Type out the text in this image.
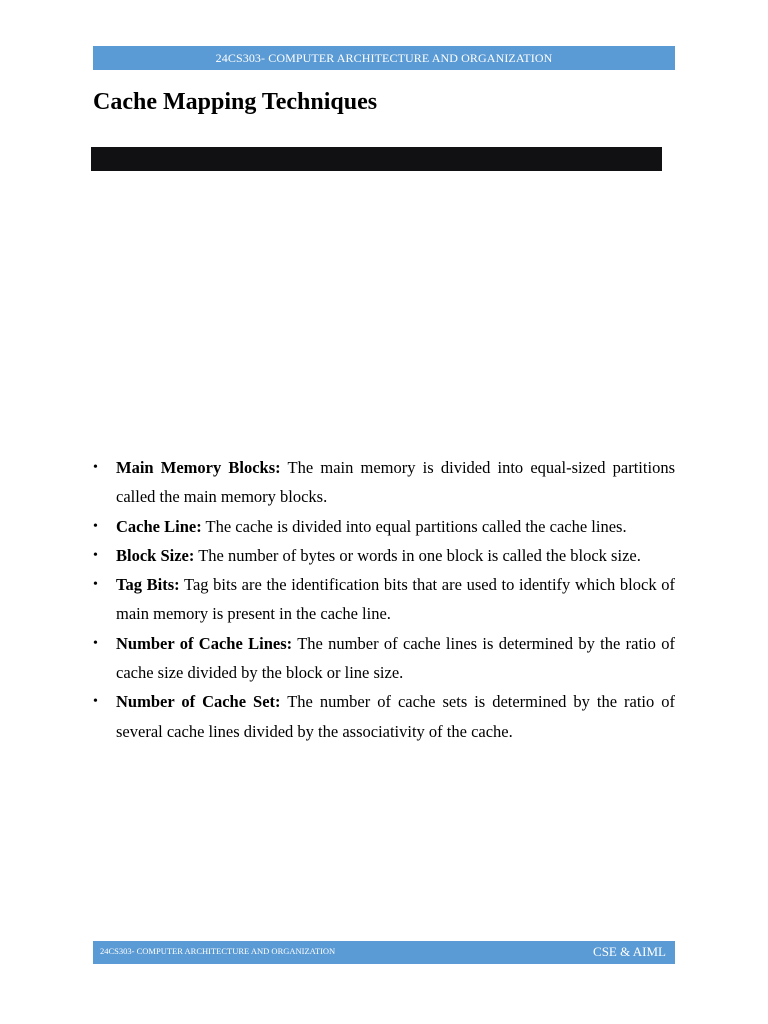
24CS303- COMPUTER ARCHITECTURE AND ORGANIZATION
Cache Mapping Techniques
• Main Memory Blocks: The main memory is divided into equal-sized partitions called the main memory blocks.
• Cache Line: The cache is divided into equal partitions called the cache lines.
• Block Size: The number of bytes or words in one block is called the block size.
• Tag Bits: Tag bits are the identification bits that are used to identify which block of main memory is present in the cache line.
• Number of Cache Lines: The number of cache lines is determined by the ratio of cache size divided by the block or line size.
• Number of Cache Set: The number of cache sets is determined by the ratio of several cache lines divided by the associativity of the cache.
24CS303- COMPUTER ARCHITECTURE AND ORGANIZATION	CSE & AIML
